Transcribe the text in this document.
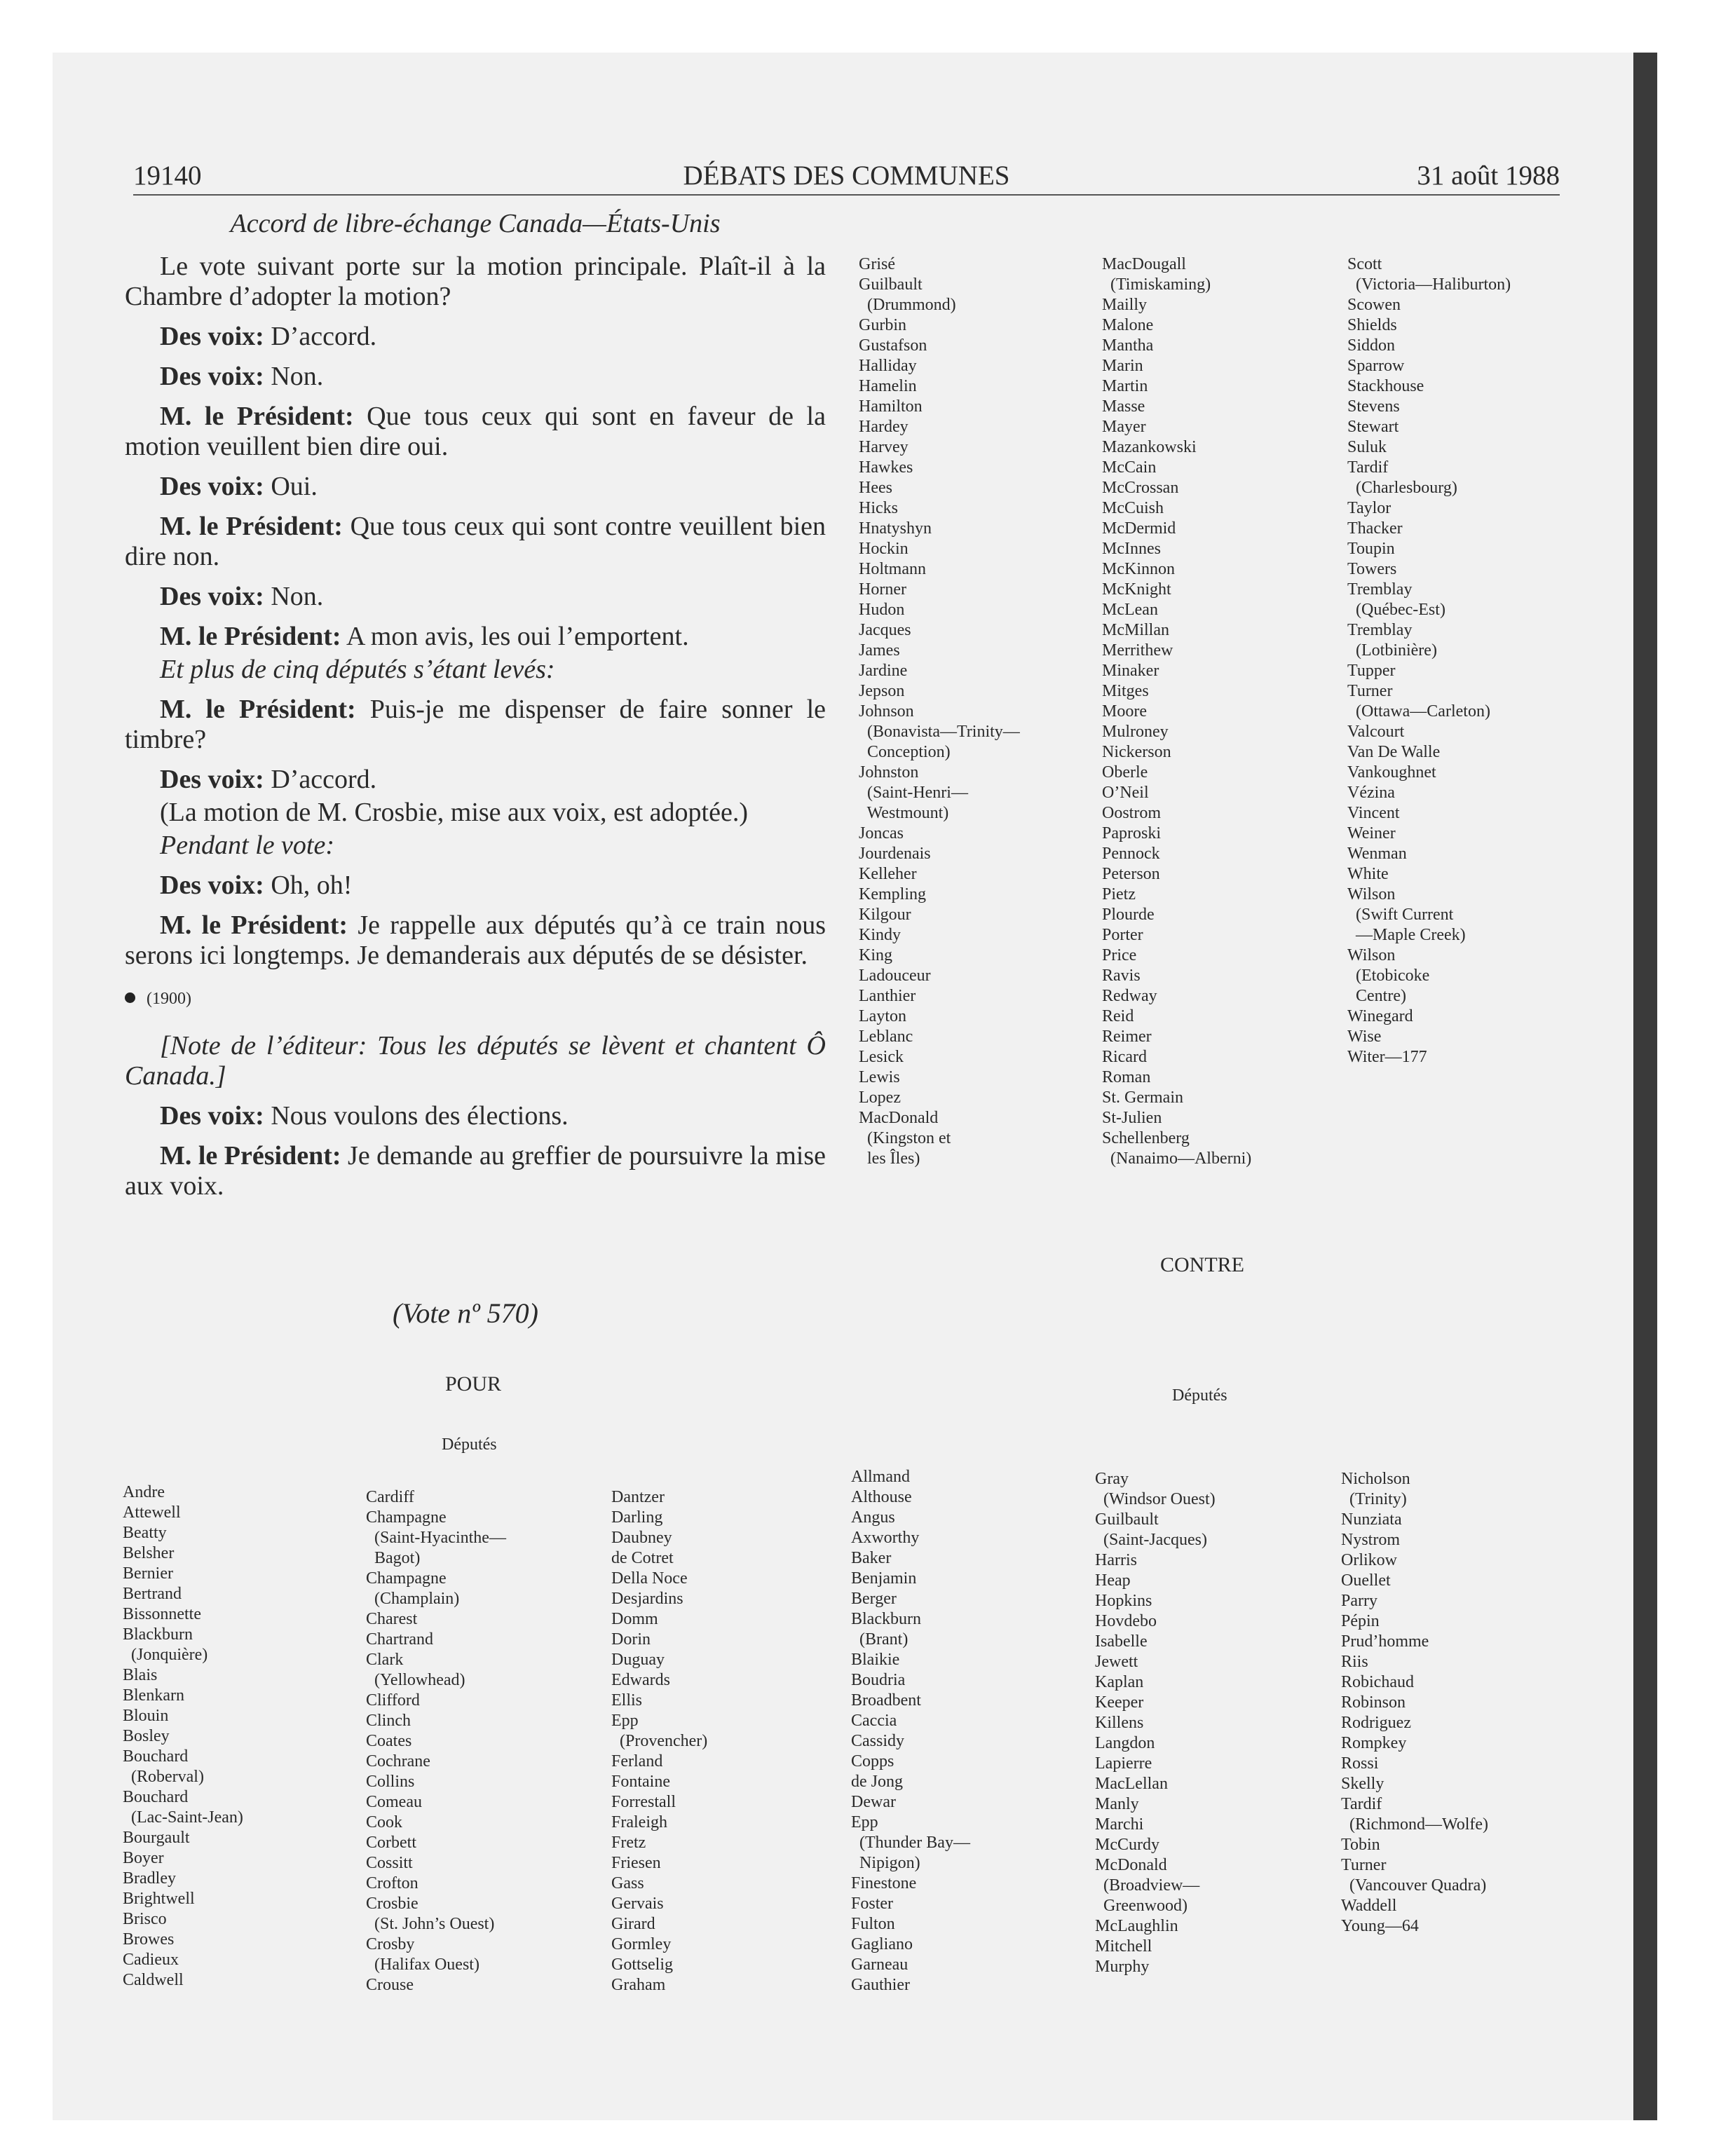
19140	DÉBATS DES COMMUNES	31 août 1988

Accord de libre-échange Canada—États-Unis

Le vote suivant porte sur la motion principale. Plaît-il à la Chambre d’adopter la motion?

Des voix: D’accord.

Des voix: Non.

M. le Président: Que tous ceux qui sont en faveur de la motion veuillent bien dire oui.

Des voix: Oui.

M. le Président: Que tous ceux qui sont contre veuillent bien dire non.

Des voix: Non.

M. le Président: A mon avis, les oui l’emportent.

Et plus de cinq députés s’étant levés:

M. le Président: Puis-je me dispenser de faire sonner le timbre?

Des voix: D’accord.

(La motion de M. Crosbie, mise aux voix, est adoptée.)

Pendant le vote:

Des voix: Oh, oh!

M. le Président: Je rappelle aux députés qu’à ce train nous serons ici longtemps. Je demanderais aux députés de se désister.

(1900)

[Note de l’éditeur: Tous les députés se lèvent et chantent Ô Canada.]

Des voix: Nous voulons des élections.

M. le Président: Je demande au greffier de poursuivre la mise aux voix.

(Vote nº 570)
POUR
Députés
CONTRE
Députés
Grisé
Guilbault
(Drummond)
Gurbin
Gustafson
Halliday
Hamelin
Hamilton
Hardey
Harvey
Hawkes
Hees
Hicks
Hnatyshyn
Hockin
Holtmann
Horner
Hudon
Jacques
James
Jardine
Jepson
Johnson
(Bonavista—Trinity—
Conception)
Johnston
(Saint-Henri—
Westmount)
Joncas
Jourdenais
Kelleher
Kempling
Kilgour
Kindy
King
Ladouceur
Lanthier
Layton
Leblanc
Lesick
Lewis
Lopez
MacDonald
(Kingston et
les Îles)
MacDougall
(Timiskaming)
Mailly
Malone
Mantha
Marin
Martin
Masse
Mayer
Mazankowski
McCain
McCrossan
McCuish
McDermid
McInnes
McKinnon
McKnight
McLean
McMillan
Merrithew
Minaker
Mitges
Moore
Mulroney
Nickerson
Oberle
O’Neil
Oostrom
Paproski
Pennock
Peterson
Pietz
Plourde
Porter
Price
Ravis
Redway
Reid
Reimer
Ricard
Roman
St. Germain
St-Julien
Schellenberg
(Nanaimo—Alberni)
Scott
(Victoria—Haliburton)
Scowen
Shields
Siddon
Sparrow
Stackhouse
Stevens
Stewart
Suluk
Tardif
(Charlesbourg)
Taylor
Thacker
Toupin
Towers
Tremblay
(Québec-Est)
Tremblay
(Lotbinière)
Tupper
Turner
(Ottawa—Carleton)
Valcourt
Van De Walle
Vankoughnet
Vézina
Vincent
Weiner
Wenman
White
Wilson
(Swift Current
—Maple Creek)
Wilson
(Etobicoke
Centre)
Winegard
Wise
Witer—177
Andre
Attewell
Beatty
Belsher
Bernier
Bertrand
Bissonnette
Blackburn
(Jonquière)
Blais
Blenkarn
Blouin
Bosley
Bouchard
(Roberval)
Bouchard
(Lac-Saint-Jean)
Bourgault
Boyer
Bradley
Brightwell
Brisco
Browes
Cadieux
Caldwell
Cardiff
Champagne
(Saint-Hyacinthe—
Bagot)
Champagne
(Champlain)
Charest
Chartrand
Clark
(Yellowhead)
Clifford
Clinch
Coates
Cochrane
Collins
Comeau
Cook
Corbett
Cossitt
Crofton
Crosbie
(St. John’s Ouest)
Crosby
(Halifax Ouest)
Crouse
Dantzer
Darling
Daubney
de Cotret
Della Noce
Desjardins
Domm
Dorin
Duguay
Edwards
Ellis
Epp
(Provencher)
Ferland
Fontaine
Forrestall
Fraleigh
Fretz
Friesen
Gass
Gervais
Girard
Gormley
Gottselig
Graham
Allmand
Althouse
Angus
Axworthy
Baker
Benjamin
Berger
Blackburn
(Brant)
Blaikie
Boudria
Broadbent
Caccia
Cassidy
Copps
de Jong
Dewar
Epp
(Thunder Bay—
Nipigon)
Finestone
Foster
Fulton
Gagliano
Garneau
Gauthier
Gray
(Windsor Ouest)
Guilbault
(Saint-Jacques)
Harris
Heap
Hopkins
Hovdebo
Isabelle
Jewett
Kaplan
Keeper
Killens
Langdon
Lapierre
MacLellan
Manly
Marchi
McCurdy
McDonald
(Broadview—
Greenwood)
McLaughlin
Mitchell
Murphy
Nicholson
(Trinity)
Nunziata
Nystrom
Orlikow
Ouellet
Parry
Pépin
Prud’homme
Riis
Robichaud
Robinson
Rodriguez
Rompkey
Rossi
Skelly
Tardif
(Richmond—Wolfe)
Tobin
Turner
(Vancouver Quadra)
Waddell
Young—64
